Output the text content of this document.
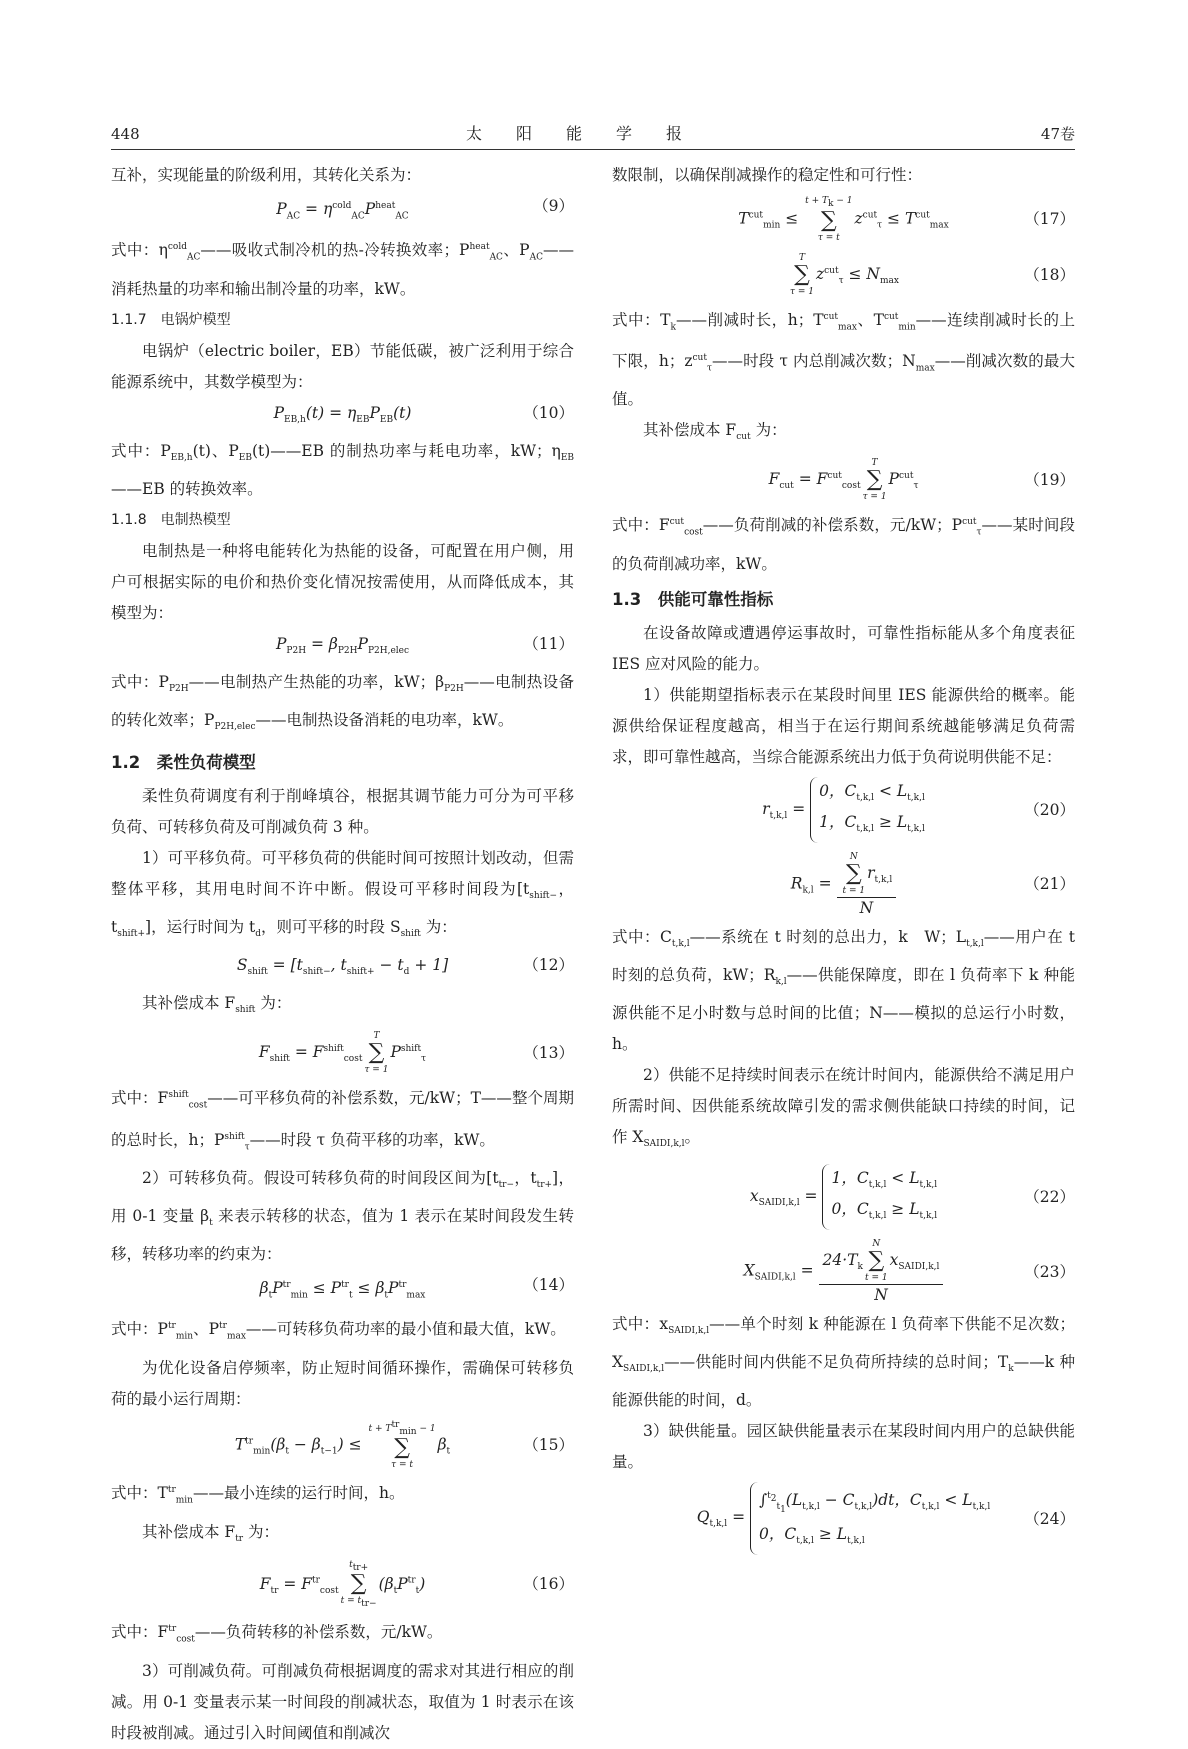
448	太阳能学报	47卷

互补，实现能量的阶级利用，其转化关系为：

$P_{AC} = \eta^{cold}_{AC}P^{heat}_{AC}$
（9）

式中：$\eta^{cold}_{AC}——$吸收式制冷机的热-冷转换效率；$P^{heat}_{AC}$、$P_{AC}——$消耗热量的功率和输出制冷量的功率，kW。

1.1.7　电锅炉模型

电锅炉（electric boiler，EB）节能低碳，被广泛利用于综合能源系统中，其数学模型为：

$P_{EB,h}(t) = \eta_{EB}P_{EB}(t)$	（10）

式中：$P_{EB,h}(t)$、$P_{EB}(t)——EB$ 的制热功率与耗电功率，kW；$\eta_{EB}——EB$ 的转换效率。

1.1.8　电制热模型

电制热是一种将电能转化为热能的设备，可配置在用户侧，用户可根据实际的电价和热价变化情况按需使用，从而降低成本，其模型为：

$P_{P2H} = \beta_{P2H}P_{P2H,elec}$	（11）

式中：$P_{P2H}——$电制热产生热能的功率，kW；$\beta_{P2H}——$电制热设备的转化效率；$P_{P2H,elec}——$电制热设备消耗的电功率，kW。

1.2　柔性负荷模型

柔性负荷调度有利于削峰填谷，根据其调节能力可分为可平移负荷、可转移负荷及可削减负荷 3 种。

1）可平移负荷。可平移负荷的供能时间可按照计划改动，但需整体平移，其用电时间不许中断。假设可平移时间段为[$t_{shift-}$，$t_{shift+}$]，运行时间为 $t_d$，则可平移的时段 $S_{shift}$ 为：

$S_{shift} = [t_{shift-}$, $t_{shift+} - t_d + 1$]	（12）

其补偿成本 $F_{shift}$ 为：

$F_{shift} = F^{shift}_{cost}$
T
∑
τ = 1
$P^{shift}_\tau$	（13）

式中：$F^{shift}_{cost}——$可平移负荷的补偿系数，元/kW；T——整个周期的总时长，h；$P^{shift}_\tau——$时段 τ 负荷平移的功率，kW。

2）可转移负荷。假设可转移负荷的时间段区间为[$t_{tr-}$，$t_{tr+}$]，用 0-1 变量 $\beta_t$ 来表示转移的状态，值为 1 表示在某时间段发生转移，转移功率的约束为：

$\beta_tP^{tr}_{min} \le P^{tr}_t \le \beta_tP^{tr}_{max}$
（14）

式中：$P^{tr}_{min}$、$P^{tr}_{max}——$可转移负荷功率的最小值和最大值，kW。

为优化设备启停频率，防止短时间循环操作，需确保可转移负荷的最小运行周期：

$T^{tr}_{min}(\beta_t - \beta_{t-1})$ ≤
$t + T^{tr}_{min} - 1$
∑
τ = t
$\beta_t$	（15）

式中：$T^{tr}_{min}——$最小连续的运行时间，h。

其补偿成本 $F_{tr}$ 为：

$F_{tr} = F^{tr}_{cost}$
$t_{tr+}$
∑
$t = t_{tr-}$
$(\beta_tP^{tr}_t)$	（16）

式中：$F^{tr}_{cost}——$负荷转移的补偿系数，元/kW。

3）可削减负荷。可削减负荷根据调度的需求对其进行相应的削减。用 0-1 变量表示某一时间段的削减状态，取值为 1 时表示在该时段被削减。通过引入时间阈值和削减次

数限制，以确保削减操作的稳定性和可行性：

$T^{cut}_{min}$ ≤
$t + T_k - 1$
∑
τ = t
$z^{cut}_\tau \le T^{cut}_{max}$	（17）
T
∑
τ = 1
$z^{cut}_\tau \le N_{max}$	（18）

式中：$T_k——$削减时长，h；$T^{cut}_{max}$、$T^{cut}_{min}——$连续削减时长的上下限，h；$z^{cut}_\tau——$时段 τ 内总削减次数；$N_{max}——$削减次数的最大值。

其补偿成本 $F_{cut}$ 为：

$F_{cut} = F^{cut}_{cost}$
T
∑
τ = 1
$P^{cut}_\tau$	（19）

式中：$F^{cut}_{cost}——$负荷削减的补偿系数，元/kW；$P^{cut}_\tau——$某时间段的负荷削减功率，kW。

1.3　供能可靠性指标

在设备故障或遭遇停运事故时，可靠性指标能从多个角度表征 IES 应对风险的能力。

1）供能期望指标表示在某段时间里 IES 能源供给的概率。能源供给保证程度越高，相当于在运行期间系统越能够满足负荷需求，即可靠性越高，当综合能源系统出力低于负荷说明供能不足：

$r_{t,k,l} = 0$，$C_{t,k,l} < L_{t,k,l}$
1，$C_{t,k,l} \ge L_{t,k,l}$
（20）
$R_{k,l} = N$
∑
t = 1
$r_{t,k,l}$
N	（21）

式中：$C_{t,k,l}——$系统在 t 时刻的总出力，k　W；$L_{t,k,l}——$用户在 t 时刻的总负荷，kW；$R_{k,l}——$供能保障度，即在 l 负荷率下 k 种能源供能不足小时数与总时间的比值；N——模拟的总运行小时数，h。

2）供能不足持续时间表示在统计时间内，能源供给不满足用户所需时间、因供能系统故障引发的需求侧供能缺口持续的时间，记作 $X_{SAIDI,k,l}$。

$x_{SAIDI,k,l} = 1$，$C_{t,k,l} < L_{t,k,l}$
0，$C_{t,k,l} \ge L_{t,k,l}$
（22）
$X_{SAIDI,k,l} = 24\cdot T_k$
N
∑
t = 1
$x_{SAIDI,k,l}$
N	（23）

式中：$x_{SAIDI,k,l}——$单个时刻 k 种能源在 l 负荷率下供能不足次数；$X_{SAIDI,k,l}——$供能时间内供能不足负荷所持续的总时间；$T_k——k$ 种能源供能的时间，d。

3）缺供能量。园区缺供能量表示在某段时间内用户的总缺供能量。

$Q_{t,k,l} = \int^{t_2}_{t_1}(L_{t,k,l} - C_{t,k,l})dt$，$C_{t,k,l} < L_{t,k,l}$
0，$C_{t,k,l} \ge L_{t,k,l}$
（24）
